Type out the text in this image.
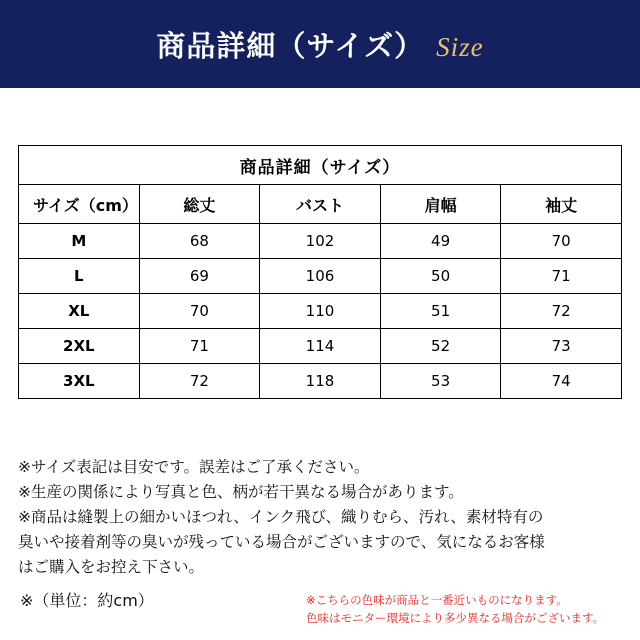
商品詳細（サイズ） Size
商品詳細（サイズ）				
サイズ（cm）	総丈	バスト	肩幅	袖丈
M	68	102	49	70
L	69	106	50	71
XL	70	110	51	72
2XL	71	114	52	73
3XL	72	118	53	74

※サイズ表記は目安です。誤差はご了承ください。

※生産の関係により写真と色、柄が若干異なる場合があります。

※商品は縫製上の細かいほつれ、インク飛び、織りむら、汚れ、素材特有の

臭いや接着剤等の臭いが残っている場合がございますので、気になるお客様

はご購入をお控え下さい。

※（単位：約cm）	※こちらの色味が商品と一番近いものになります。

色味はモニター環境により多少異なる場合がございます。
